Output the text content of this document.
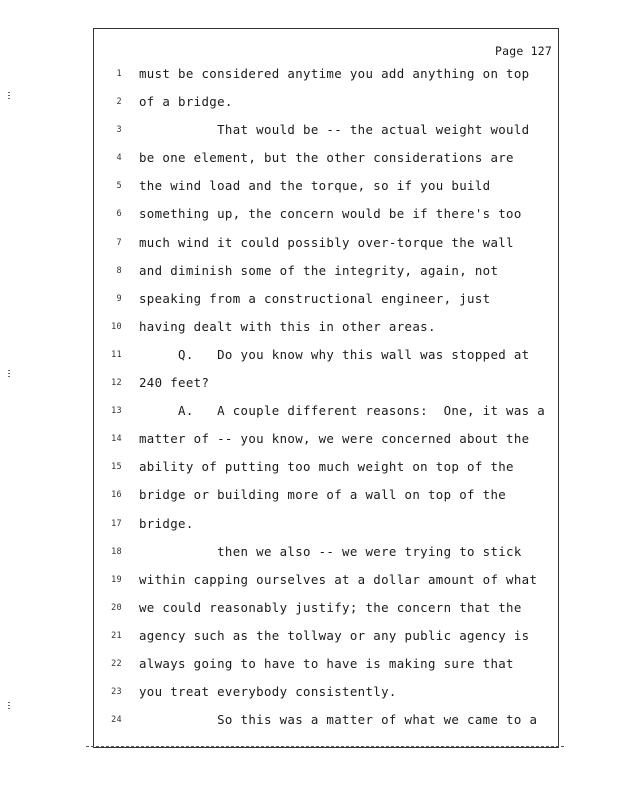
Page 127
1 must be considered anytime you add anything on top
2 of a bridge.
3 That would be -- the actual weight would
4 be one element, but the other considerations are
5 the wind load and the torque, so if you build
6 something up, the concern would be if there's too
7 much wind it could possibly over-torque the wall
8 and diminish some of the integrity, again, not
9 speaking from a constructional engineer, just
10 having dealt with this in other areas.
11 Q.   Do you know why this wall was stopped at
12 240 feet?
13 A.   A couple different reasons:  One, it was a
14 matter of -- you know, we were concerned about the
15 ability of putting too much weight on top of the
16 bridge or building more of a wall on top of the
17 bridge.
18 then we also -- we were trying to stick
19 within capping ourselves at a dollar amount of what
20 we could reasonably justify; the concern that the
21 agency such as the tollway or any public agency is
22 always going to have to have is making sure that
23 you treat everybody consistently.
24 So this was a matter of what we came to a
